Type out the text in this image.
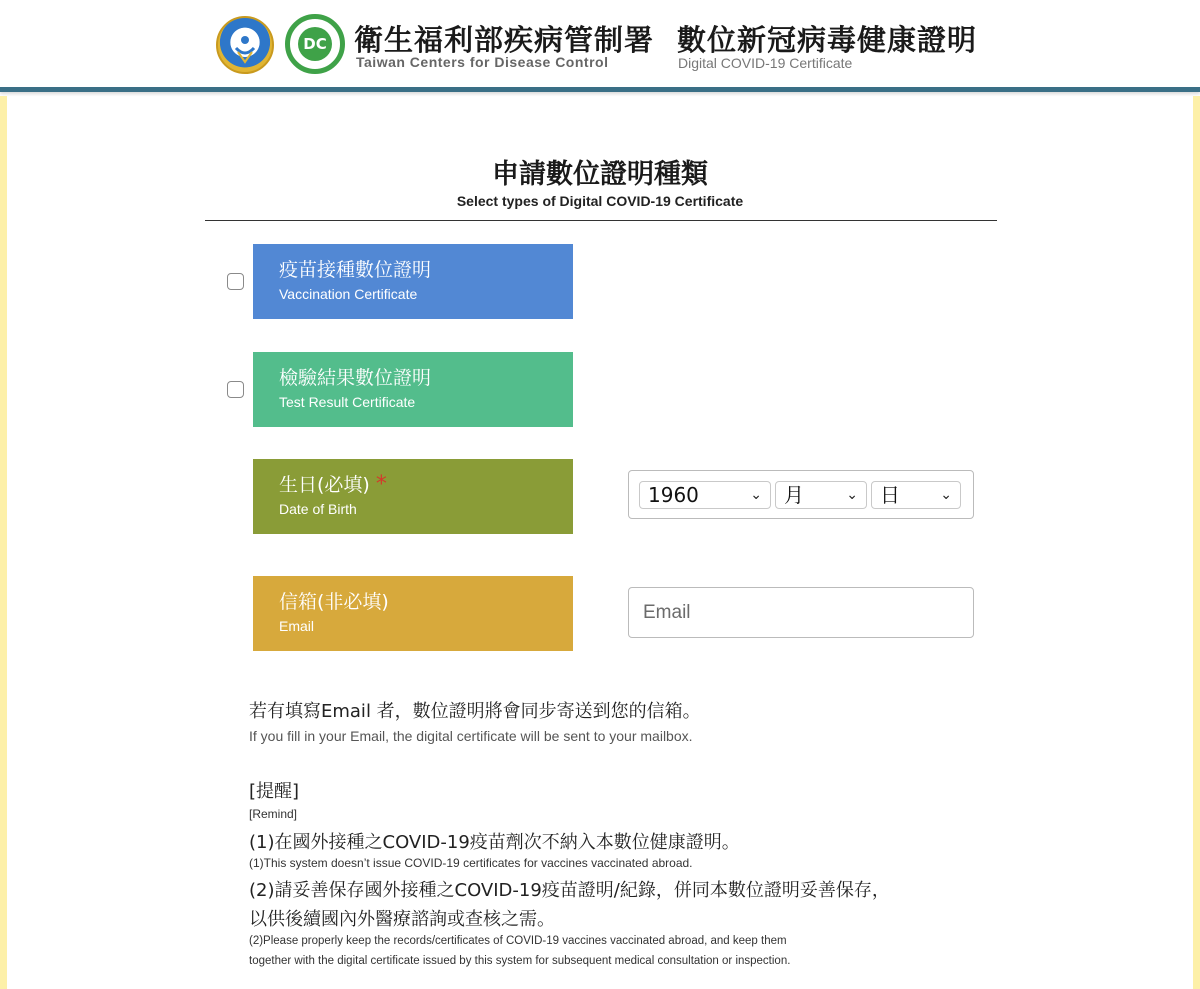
DC 衛生福利部疾病管制署
Taiwan Centers for Disease Control
數位新冠病毒健康證明
Digital COVID-19 Certificate
申請數位證明種類
Select types of Digital COVID-19 Certificate
疫苗接種數位證明
Vaccination Certificate
檢驗結果數位證明
Test Result Certificate
生日(必填) *
Date of Birth
1960	⌄	月	⌄	日	⌄
信箱(非必填)
Email
Email
若有填寫Email 者，數位證明將會同步寄送到您的信箱。
If you fill in your Email, the digital certificate will be sent to your mailbox.
[提醒]
[Remind]
(1)在國外接種之COVID-19疫苗劑次不納入本數位健康證明。
(1)This system doesn’t issue COVID-19 certificates for vaccines vaccinated abroad.
(2)請妥善保存國外接種之COVID-19疫苗證明/紀錄，併同本數位證明妥善保存，
以供後續國內外醫療諮詢或查核之需。
(2)Please properly keep the records/certificates of COVID-19 vaccines vaccinated abroad, and keep them
together with the digital certificate issued by this system for subsequent medical consultation or inspection.
